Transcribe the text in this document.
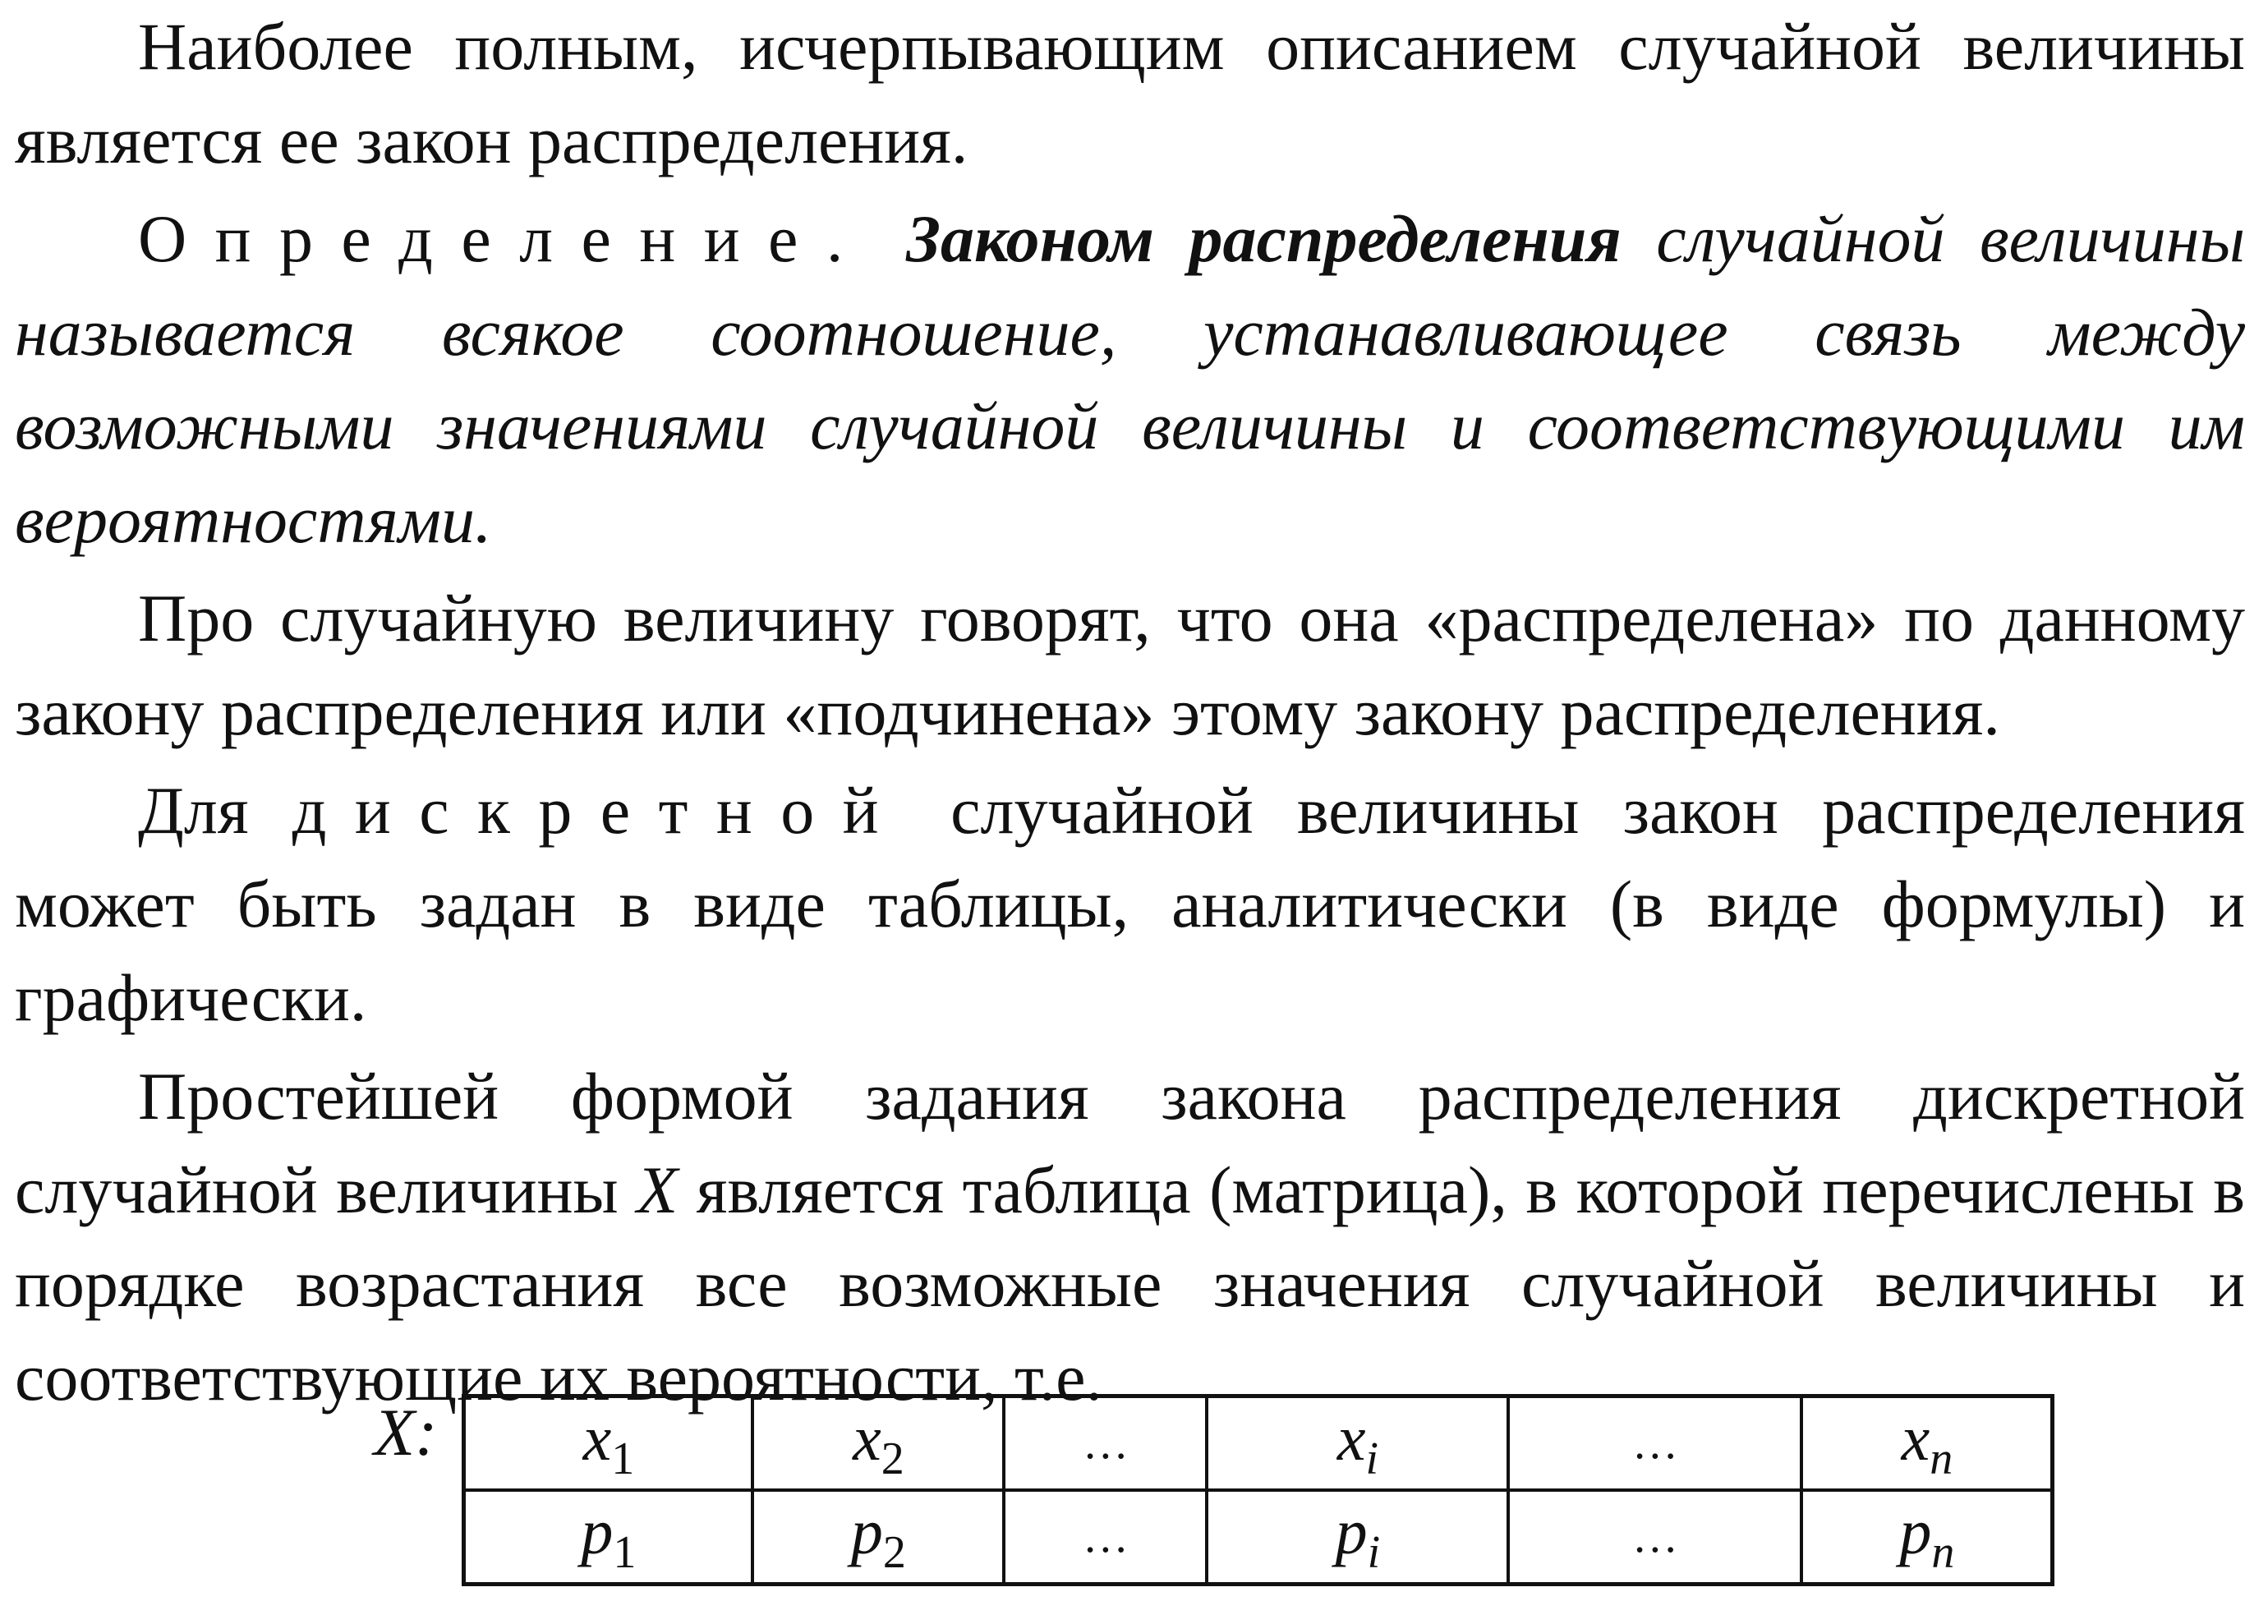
Наиболее полным, исчерпывающим описанием случайной величины является ее закон распределения.

Определение. Законом распределения случайной величины называется всякое соотношение, устанавливающее связь между возможными значениями случайной величины и соответствующими им вероятностями.

Про случайную величину говорят, что она «распределена» по данному закону распределения или «подчинена» этому закону распределения.

Для дискретной случайной величины закон распределения может быть задан в виде таблицы, аналитически (в виде формулы) и графически.

Простейшей формой задания закона распределения дискретной случайной величины X является таблица (матрица), в которой перечислены в порядке возрастания все возможные значения случайной величины и соответствующие их вероятности, т.е.

X: $x_1$	$x_2$	…	$x_i$	…	$x_n$
$p_1$	$p_2$	…	$p_i$	…	$p_n$
